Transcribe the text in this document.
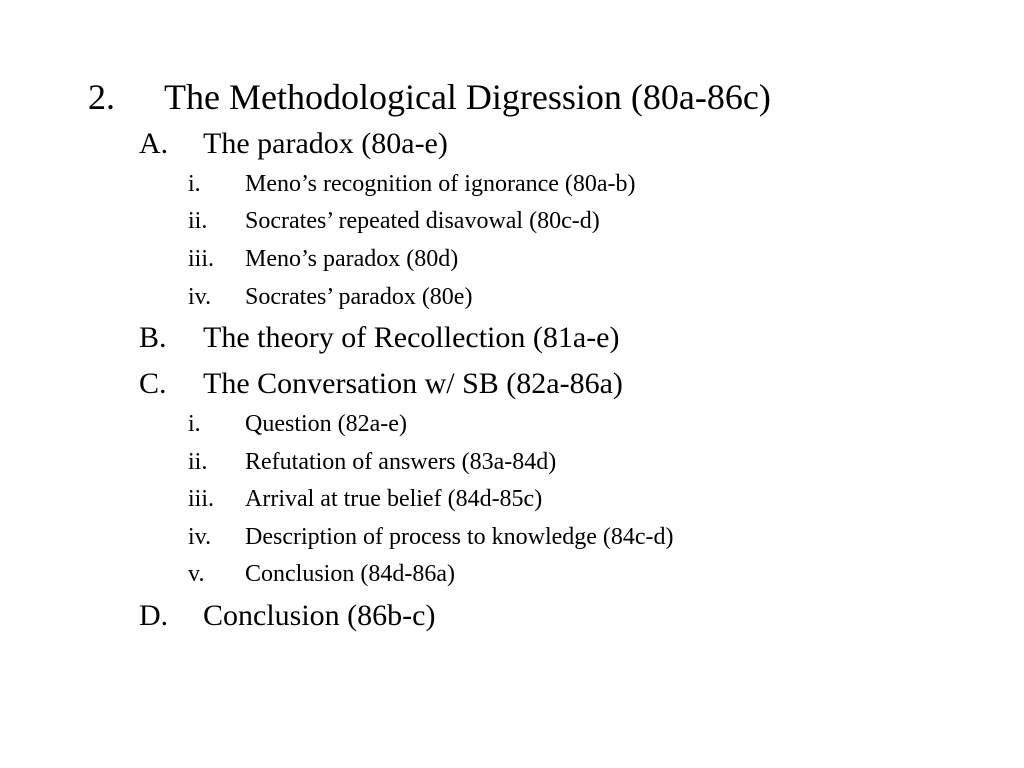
2. The Methodological Digression (80a-86c)
A. The paradox (80a-e)
i. Meno’s recognition of ignorance (80a-b)
ii. Socrates’ repeated disavowal (80c-d)
iii. Meno’s paradox (80d)
iv. Socrates’ paradox (80e)
B. The theory of Recollection (81a-e)
C. The Conversation w/ SB (82a-86a)
i. Question (82a-e)
ii. Refutation of answers (83a-84d)
iii. Arrival at true belief (84d-85c)
iv. Description of process to knowledge (84c-d)
v. Conclusion (84d-86a)
D. Conclusion (86b-c)
